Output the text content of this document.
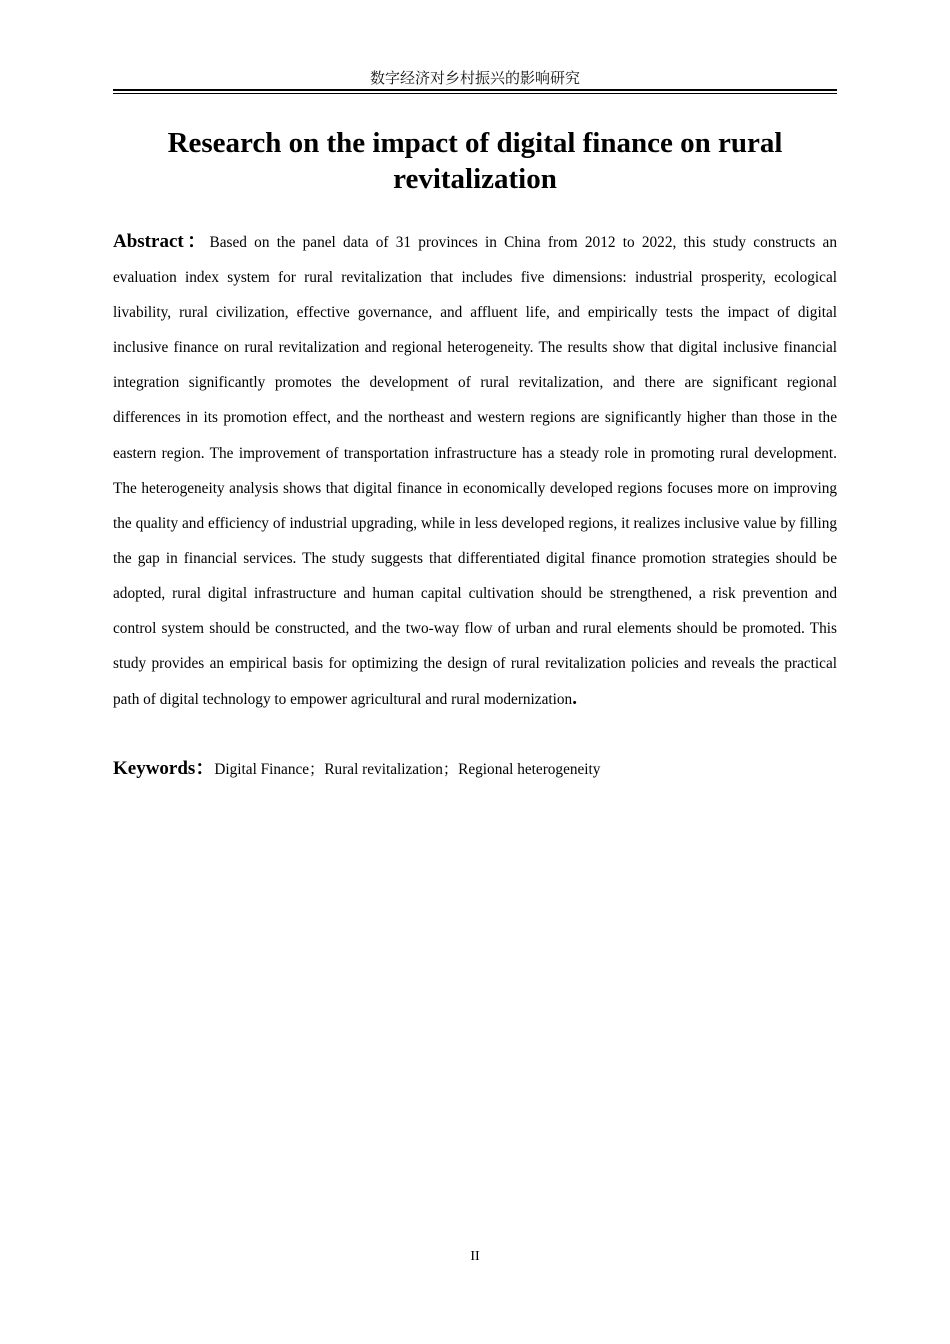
数字经济对乡村振兴的影响研究
Research on the impact of digital finance on rural revitalization

Abstract：Based on the panel data of 31 provinces in China from 2012 to 2022, this study constructs an evaluation index system for rural revitalization that includes five dimensions: industrial prosperity, ecological livability, rural civilization, effective governance, and affluent life, and empirically tests the impact of digital inclusive finance on rural revitalization and regional heterogeneity. The results show that digital inclusive financial integration significantly promotes the development of rural revitalization, and there are significant regional differences in its promotion effect, and the northeast and western regions are significantly higher than those in the eastern region. The improvement of transportation infrastructure has a steady role in promoting rural development. The heterogeneity analysis shows that digital finance in economically developed regions focuses more on improving the quality and efficiency of industrial upgrading, while in less developed regions, it realizes inclusive value by filling the gap in financial services. The study suggests that differentiated digital finance promotion strategies should be adopted, rural digital infrastructure and human capital cultivation should be strengthened, a risk prevention and control system should be constructed, and the two-way flow of urban and rural elements should be promoted. This study provides an empirical basis for optimizing the design of rural revitalization policies and reveals the practical path of digital technology to empower agricultural and rural modernization.

Keywords：Digital Finance；Rural revitalization；Regional heterogeneity

II
